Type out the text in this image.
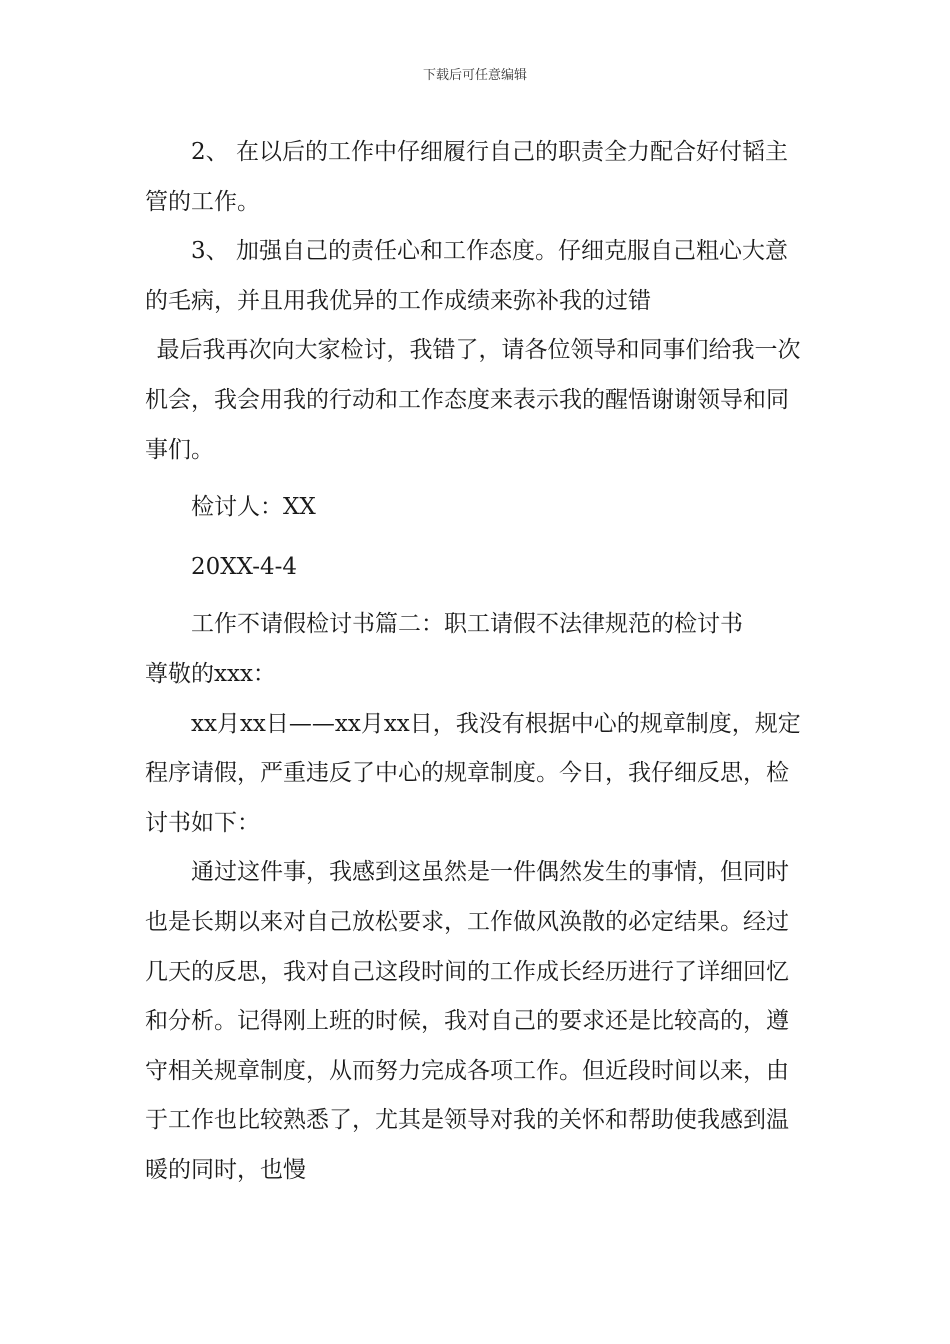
下载后可任意编辑

2、 在以后的工作中仔细履行自己的职责全力配合好付韬主管的工作。

3、 加强自己的责任心和工作态度。仔细克服自己粗心大意的毛病，并且用我优异的工作成绩来弥补我的过错

最后我再次向大家检讨，我错了，请各位领导和同事们给我一次机会，我会用我的行动和工作态度来表示我的醒悟谢谢领导和同事们。

检讨人：XX

20XX-4-4

工作不请假检讨书篇二：职工请假不法律规范的检讨书

尊敬的xxx：

xx月xx日——xx月xx日，我没有根据中心的规章制度，规定程序请假，严重违反了中心的规章制度。今日，我仔细反思，检讨书如下：

通过这件事，我感到这虽然是一件偶然发生的事情，但同时也是长期以来对自己放松要求，工作做风涣散的必定结果。经过几天的反思，我对自己这段时间的工作成长经历进行了详细回忆和分析。记得刚上班的时候，我对自己的要求还是比较高的，遵守相关规章制度，从而努力完成各项工作。但近段时间以来，由于工作也比较熟悉了，尤其是领导对我的关怀和帮助使我感到温暖的同时，也慢
